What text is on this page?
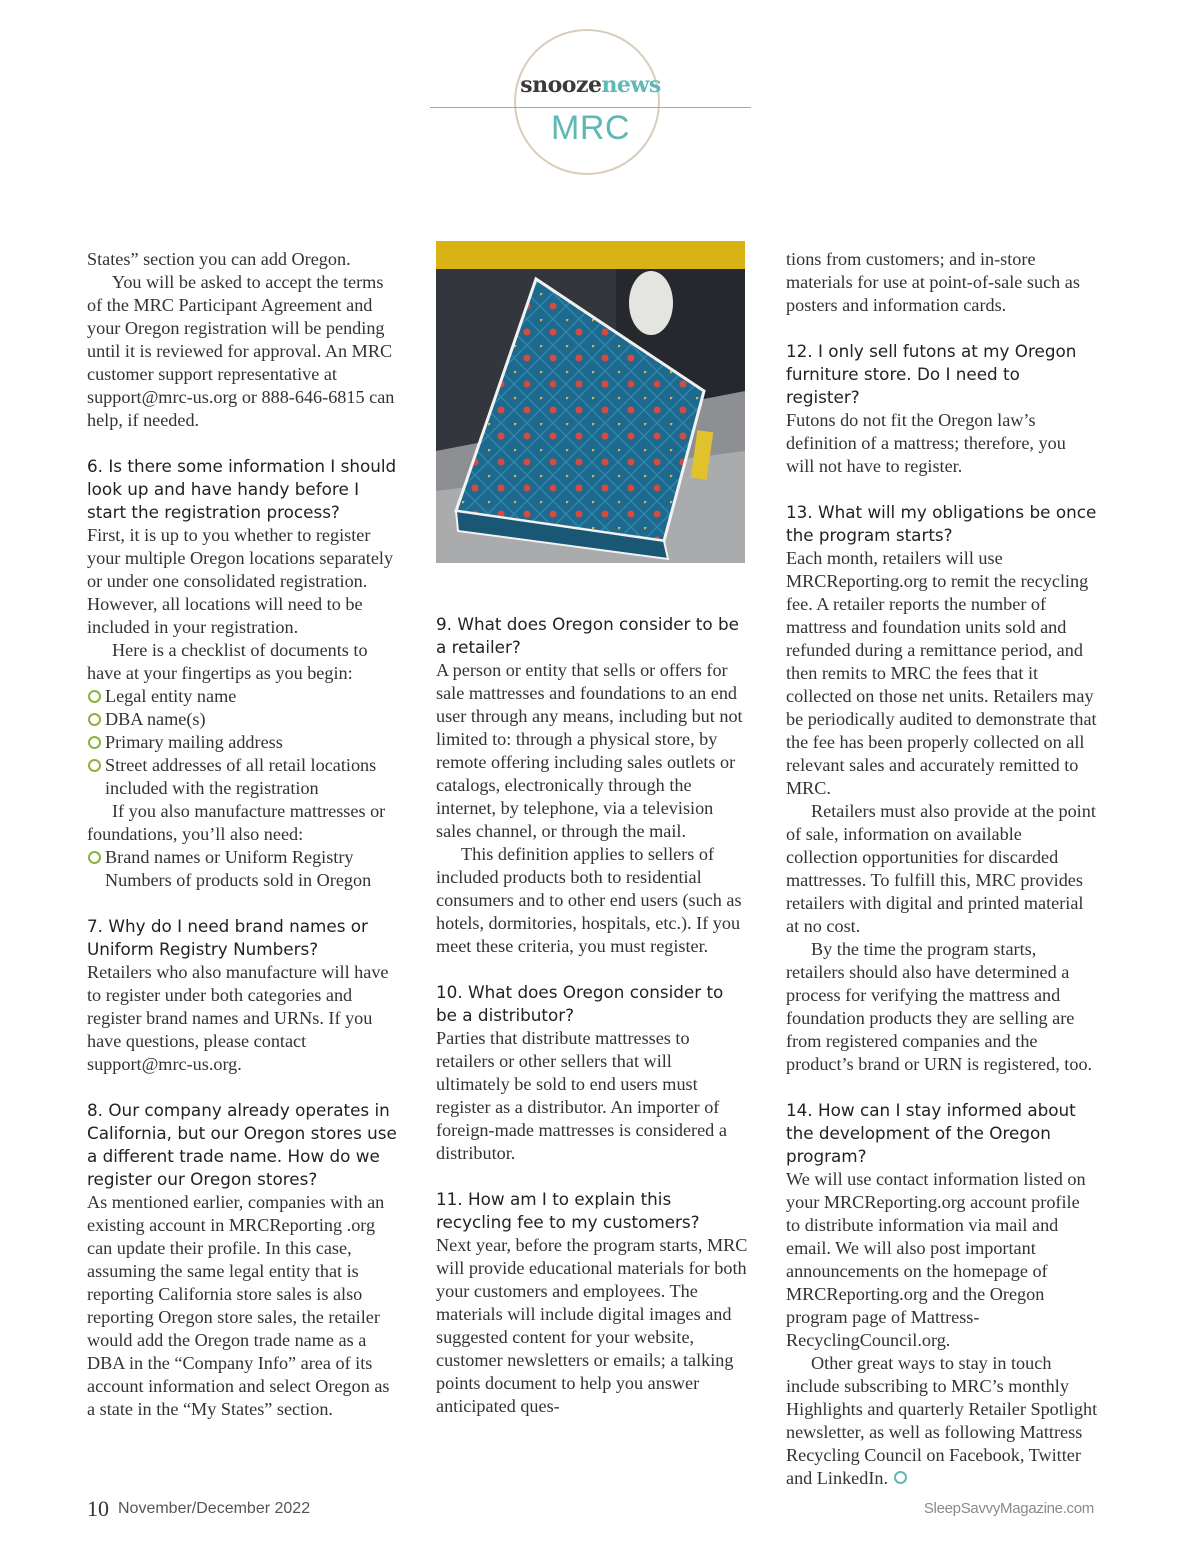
snoozenews
MRC

States” section you can add Oregon.

You will be asked to accept the terms of the MRC Participant Agreement and your Oregon registration will be pending until it is reviewed for approval. An MRC customer support representative at support@mrc-us.org or 888-646-6815 can help, if needed.

6. Is there some information I should look up and have handy before I start the registration process?

First, it is up to you whether to register your multiple Oregon locations separately or under one consolidated registration. However, all locations will need to be included in your registration.

Here is a checklist of documents to have at your fingertips as you begin:

Legal entity name
DBA name(s)
Primary mailing address
Street addresses of all retail locations included with the registration

If you also manufacture mattresses or foundations, you’ll also need:

Brand names or Uniform Registry Numbers of products sold in Oregon

7. Why do I need brand names or Uniform Registry Numbers?

Retailers who also manufacture will have to register under both categories and register brand names and URNs. If you have questions, please contact support@mrc-us.org.

8. Our company already operates in California, but our Oregon stores use a different trade name. How do we register our Oregon stores?

As mentioned earlier, companies with an existing account in MRCReporting .org can update their profile. In this case, assuming the same legal entity that is reporting California store sales is also reporting Oregon store sales, the retailer would add the Oregon trade name as a DBA in the “Company Info” area of its account information and select Oregon as a state in the “My States” section.

9. What does Oregon consider to be a retailer?

A person or entity that sells or offers for sale mattresses and foundations to an end user through any means, including but not limited to: through a physical store, by remote offering including sales outlets or catalogs, electronically through the internet, by telephone, via a television sales channel, or through the mail.

This definition applies to sellers of included products both to residential consumers and to other end users (such as hotels, dormitories, hospitals, etc.). If you meet these criteria, you must register.

10. What does Oregon consider to be a distributor?

Parties that distribute mattresses to retailers or other sellers that will ultimately be sold to end users must register as a distributor. An importer of foreign-made mattresses is considered a distributor.

11. How am I to explain this recycling fee to my customers?

Next year, before the program starts, MRC will provide educational materials for both your customers and employees. The materials will include digital images and suggested content for your website, customer newsletters or emails; a talking points document to help you answer anticipated ques-

tions from customers; and in-store materials for use at point-of-sale such as posters and information cards.

12. I only sell futons at my Oregon furniture store. Do I need to register?

Futons do not fit the Oregon law’s definition of a mattress; therefore, you will not have to register.

13. What will my obligations be once the program starts?

Each month, retailers will use MRCReporting.org to remit the recycling fee. A retailer reports the number of mattress and foundation units sold and refunded during a remittance period, and then remits to MRC the fees that it collected on those net units. Retailers may be periodically audited to demonstrate that the fee has been properly collected on all relevant sales and accurately remitted to MRC.

Retailers must also provide at the point of sale, information on available collection opportunities for discarded mattresses. To fulfill this, MRC provides retailers with digital and printed material at no cost.

By the time the program starts, retailers should also have determined a process for verifying the mattress and foundation products they are selling are from registered companies and the product’s brand or URN is registered, too.

14. How can I stay informed about the development of the Oregon program?

We will use contact information listed on your MRCReporting.org account profile to distribute information via mail and email. We will also post important announcements on the homepage of MRCReporting.org and the Oregon program page of Mattress-RecyclingCouncil.org.

Other great ways to stay in touch include subscribing to MRC’s monthly Highlights and quarterly Retailer Spotlight newsletter, as well as following Mattress Recycling Council on Facebook, Twitter and LinkedIn.

10 November/December 2022	SleepSavvyMagazine.com
